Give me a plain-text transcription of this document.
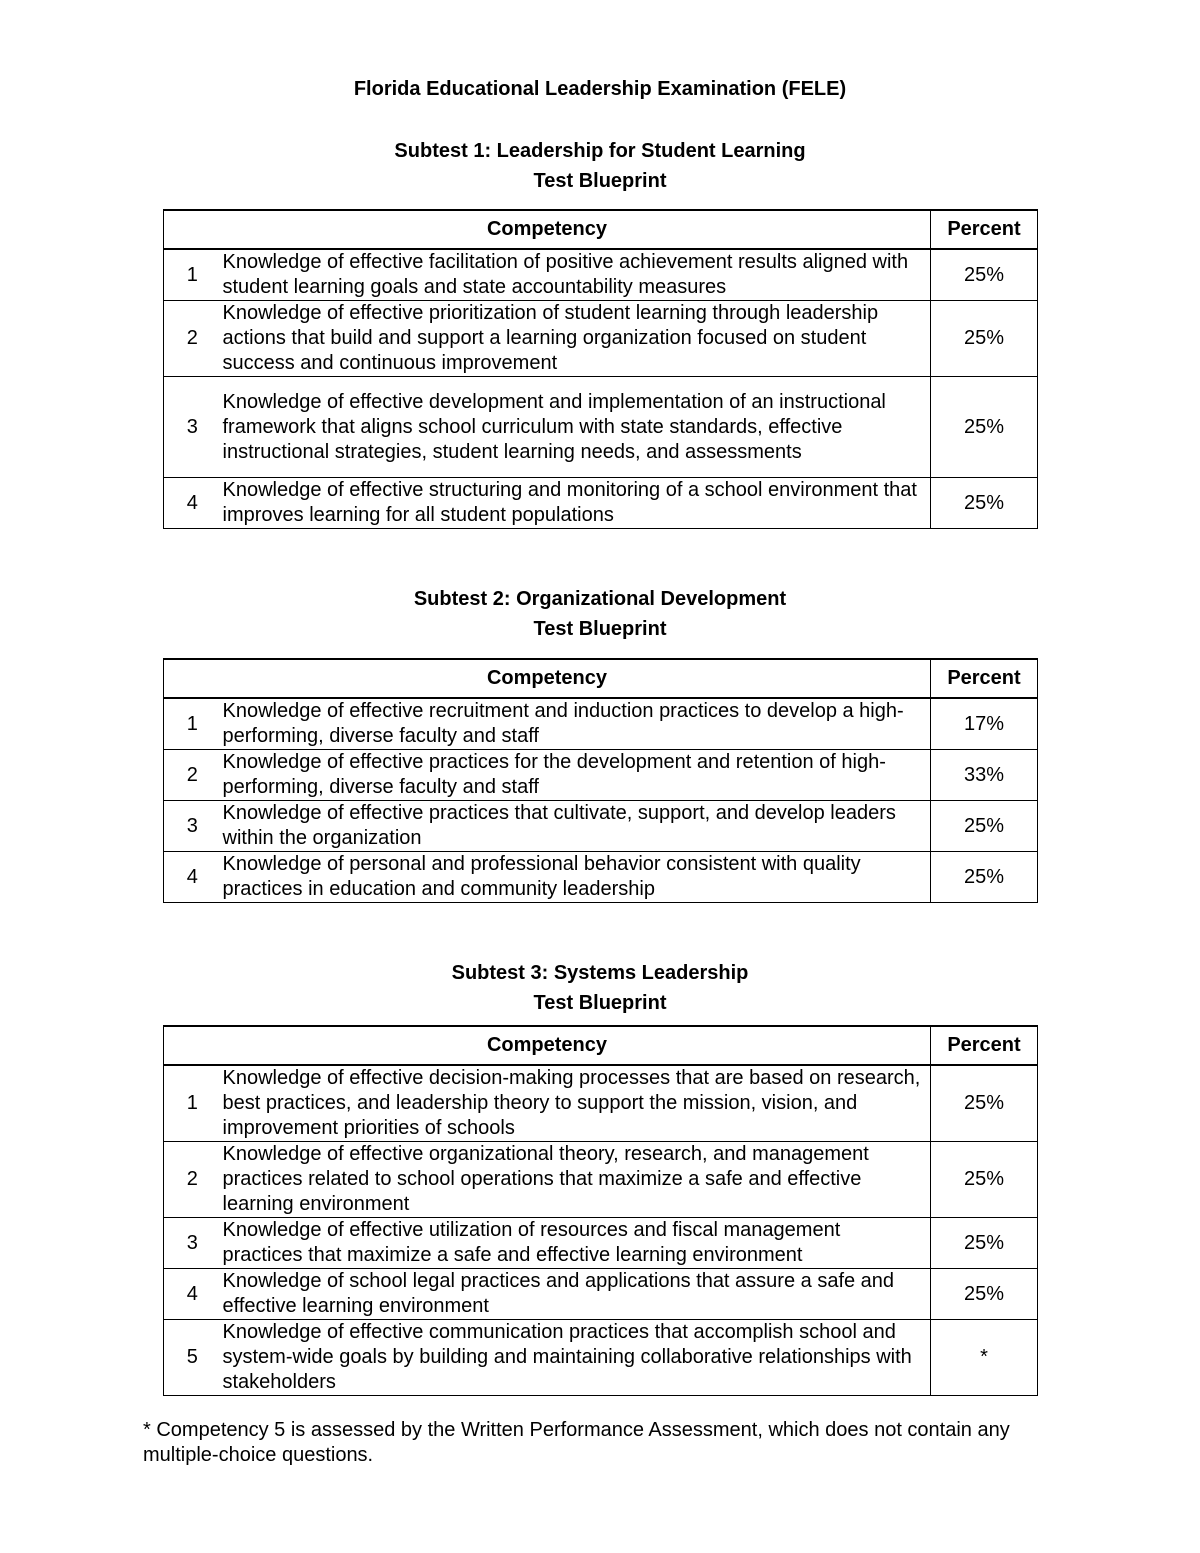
Florida Educational Leadership Examination (FELE)
Subtest 1: Leadership for Student Learning
Test Blueprint
Competency		Percent
1	Knowledge of effective facilitation of positive achievement results aligned with student learning goals and state accountability measures	25%
2	Knowledge of effective prioritization of student learning through leadership actions that build and support a learning organization focused on student success and continuous improvement	25%
3	Knowledge of effective development and implementation of an instructional framework that aligns school curriculum with state standards, effective instructional strategies, student learning needs, and assessments	25%
4	Knowledge of effective structuring and monitoring of a school environment that improves learning for all student populations	25%
Subtest 2: Organizational Development
Test Blueprint
Competency		Percent
1	Knowledge of effective recruitment and induction practices to develop a high-performing, diverse faculty and staff	17%
2	Knowledge of effective practices for the development and retention of high-performing, diverse faculty and staff	33%
3	Knowledge of effective practices that cultivate, support, and develop leaders within the organization	25%
4	Knowledge of personal and professional behavior consistent with quality practices in education and community leadership	25%
Subtest 3: Systems Leadership
Test Blueprint
Competency		Percent
1	Knowledge of effective decision-making processes that are based on research, best practices, and leadership theory to support the mission, vision, and improvement priorities of schools	25%
2	Knowledge of effective organizational theory, research, and management practices related to school operations that maximize a safe and effective learning environment	25%
3	Knowledge of effective utilization of resources and fiscal management practices that maximize a safe and effective learning environment	25%
4	Knowledge of school legal practices and applications that assure a safe and effective learning environment	25%
5	Knowledge of effective communication practices that accomplish school and system-wide goals by building and maintaining collaborative relationships with stakeholders	*
* Competency 5 is assessed by the Written Performance Assessment, which does not contain any multiple-choice questions.
